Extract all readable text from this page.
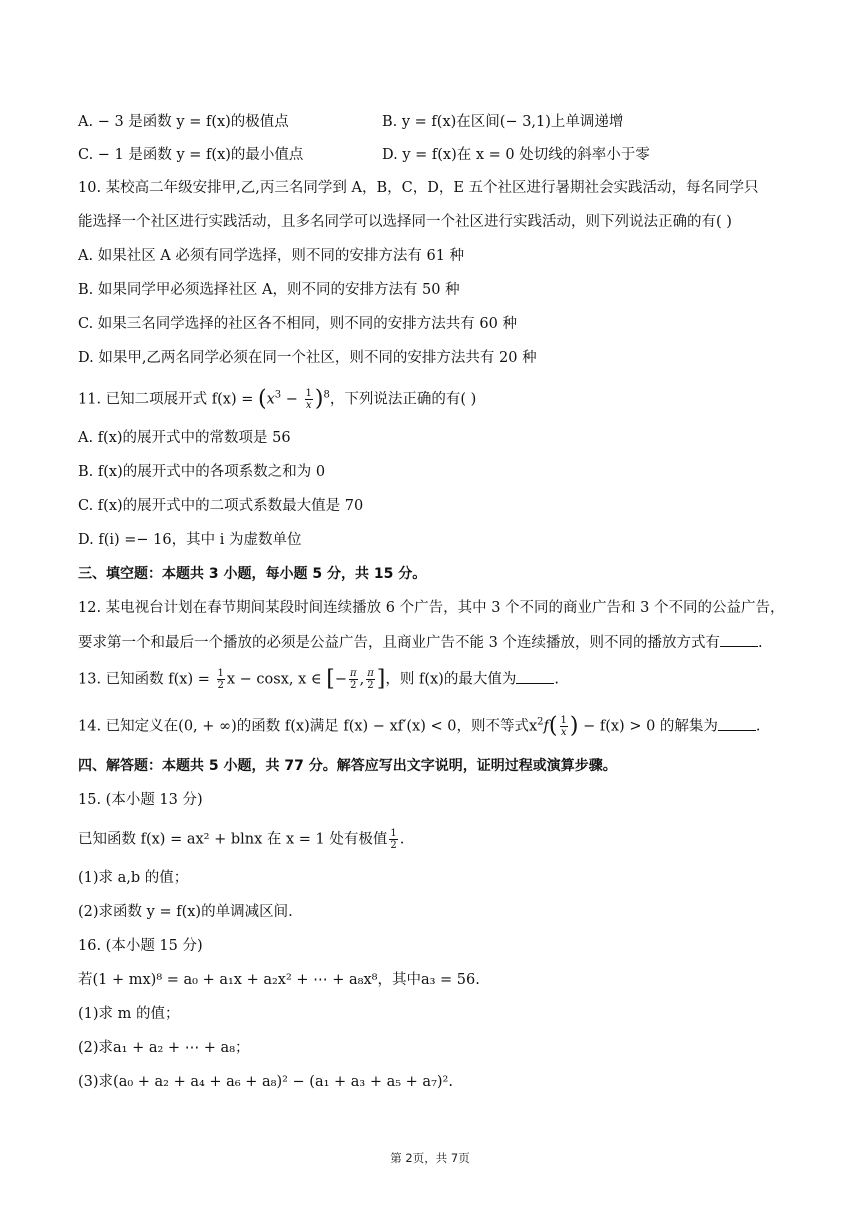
A. − 3 是函数 y = f(x)的极值点	B. y = f(x)在区间(− 3,1)上单调递增
C. − 1 是函数 y = f(x)的最小值点	D. y = f(x)在 x = 0 处切线的斜率小于零
10. 某校高二年级安排甲,乙,丙三名同学到 A，B，C，D，E 五个社区进行暑期社会实践活动，每名同学只
能选择一个社区进行实践活动，且多名同学可以选择同一个社区进行实践活动，则下列说法正确的有( )
A. 如果社区 A 必须有同学选择，则不同的安排方法有 61 种
B. 如果同学甲必须选择社区 A，则不同的安排方法有 50 种
C. 如果三名同学选择的社区各不相同，则不同的安排方法共有 60 种
D. 如果甲,乙两名同学必须在同一个社区，则不同的安排方法共有 20 种
11. 已知二项展开式 $f(x) = (x^3 - \frac{1}{x} )^8$，下列说法正确的有( )
A. f(x)的展开式中的常数项是 56
B. f(x)的展开式中的各项系数之和为 0
C. f(x)的展开式中的二项式系数最大值是 70
D. f(i) =− 16，其中 i 为虚数单位
三、填空题：本题共 3 小题，每小题 5 分，共 15 分。
12. 某电视台计划在春节期间某段时间连续播放 6 个广告，其中 3 个不同的商业广告和 3 个不同的公益广告，
要求第一个和最后一个播放的必须是公益广告，且商业广告不能 3 个连续播放，则不同的播放方式有	.
13. 已知函数 $f(x) = \frac{1}{2}$ x − cosx, x ∈ [− $\frac{\pi}{2}$ , $\frac{\pi}{2}$ ]，则 f(x)的最大值为	.
14. 已知定义在(0, + ∞)的函数 f(x)满足 f(x) − xf′(x) < 0，则不等式$x^2f( \frac{1}{x}$ ) − f(x) > 0 的解集为	.
四、解答题：本题共 5 小题，共 77 分。解答应写出文字说明，证明过程或演算步骤。
15. (本小题 13 分)
已知函数 f(x) = ax² + blnx 在 x = 1 处有极值 $\frac{1}{2}$ .
(1)求 a,b 的值；
(2)求函数 y = f(x)的单调减区间.
16. (本小题 15 分)
若(1 + mx)⁸ = a₀ + a₁x + a₂x² + ⋯ + a₈x⁸，其中a₃ = 56.
(1)求 m 的值；
(2)求a₁ + a₂ + ⋯ + a₈；
(3)求(a₀ + a₂ + a₄ + a₆ + a₈)² − (a₁ + a₃ + a₅ + a₇)².
第 2页，共 7页
